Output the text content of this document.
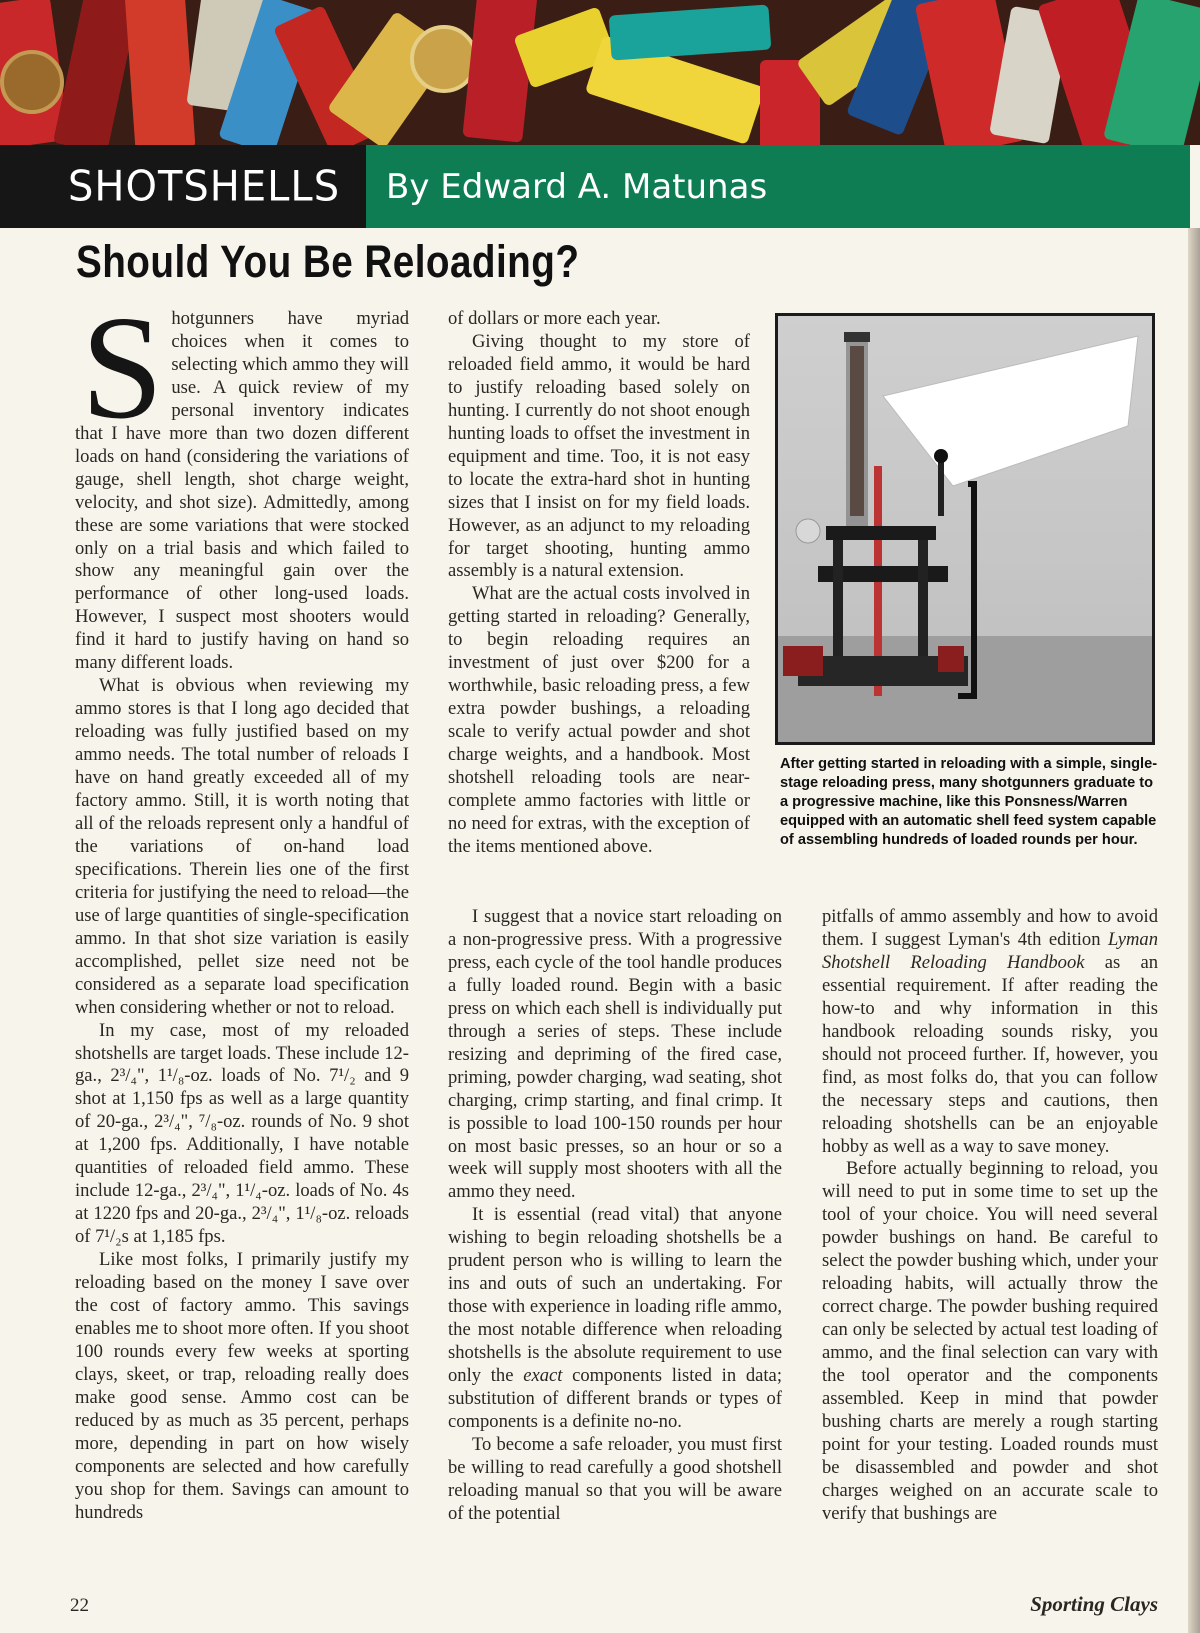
SHOTSHELLS By Edward A. Matunas
Should You Be Reloading?

Shotgunners have myriad choices when it comes to selecting which ammo they will use. A quick review of my personal inventory indicates that I have more than two dozen different loads on hand (considering the variations of gauge, shell length, shot charge weight, velocity, and shot size). Admittedly, among these are some variations that were stocked only on a trial basis and which failed to show any meaningful gain over the performance of other long-used loads. However, I suspect most shooters would find it hard to justify having on hand so many different loads.

What is obvious when reviewing my ammo stores is that I long ago decided that reloading was fully justified based on my ammo needs. The total number of reloads I have on hand greatly exceeded all of my factory ammo. Still, it is worth noting that all of the reloads represent only a handful of the variations of on-hand load specifications. Therein lies one of the first criteria for justifying the need to reload—the use of large quantities of single-specification ammo. In that shot size variation is easily accomplished, pellet size need not be considered as a separate load specification when considering whether or not to reload.

In my case, most of my reloaded shotshells are target loads. These include 12-ga., 2³/₄", 1¹/₈-oz. loads of No. 7¹/₂ and 9 shot at 1,150 fps as well as a large quantity of 20-ga., 2³/₄", ⁷/₈-oz. rounds of No. 9 shot at 1,200 fps. Additionally, I have notable quantities of reloaded field ammo. These include 12-ga., 2³/₄", 1¹/₄-oz. loads of No. 4s at 1220 fps and 20-ga., 2³/₄", 1¹/₈-oz. reloads of 7¹/₂s at 1,185 fps.

Like most folks, I primarily justify my reloading based on the money I save over the cost of factory ammo. This savings enables me to shoot more often. If you shoot 100 rounds every few weeks at sporting clays, skeet, or trap, reloading really does make good sense. Ammo cost can be reduced by as much as 35 percent, perhaps more, depending in part on how wisely components are selected and how carefully you shop for them. Savings can amount to hundreds

of dollars or more each year.

Giving thought to my store of reloaded field ammo, it would be hard to justify reloading based solely on hunting. I currently do not shoot enough hunting loads to offset the investment in equipment and time. Too, it is not easy to locate the extra-hard shot in hunting sizes that I insist on for my field loads. However, as an adjunct to my reloading for target shooting, hunting ammo assembly is a natural extension.

What are the actual costs involved in getting started in reloading? Generally, to begin reloading requires an investment of just over $200 for a worthwhile, basic reloading press, a few extra powder bushings, a reloading scale to verify actual powder and shot charge weights, and a handbook. Most shotshell reloading tools are near-complete ammo factories with little or no need for extras, with the exception of the items mentioned above.

After getting started in reloading with a simple, single-stage reloading press, many shotgunners graduate to a progressive machine, like this Ponsness/Warren equipped with an automatic shell feed system capable of assembling hundreds of loaded rounds per hour.

I suggest that a novice start reloading on a non-progressive press. With a progressive press, each cycle of the tool handle produces a fully loaded round. Begin with a basic press on which each shell is individually put through a series of steps. These include resizing and depriming of the fired case, priming, powder charging, wad seating, shot charging, crimp starting, and final crimp. It is possible to load 100-150 rounds per hour on most basic presses, so an hour or so a week will supply most shooters with all the ammo they need.

It is essential (read vital) that anyone wishing to begin reloading shotshells be a prudent person who is willing to learn the ins and outs of such an undertaking. For those with experience in loading rifle ammo, the most notable difference when reloading shotshells is the absolute requirement to use only the exact components listed in data; substitution of different brands or types of components is a definite no-no.

To become a safe reloader, you must first be willing to read carefully a good shotshell reloading manual so that you will be aware of the potential

pitfalls of ammo assembly and how to avoid them. I suggest Lyman's 4th edition Lyman Shotshell Reloading Handbook as an essential requirement. If after reading the how-to and why information in this handbook reloading sounds risky, you should not proceed further. If, however, you find, as most folks do, that you can follow the necessary steps and cautions, then reloading shotshells can be an enjoyable hobby as well as a way to save money.

Before actually beginning to reload, you will need to put in some time to set up the tool of your choice. You will need several powder bushings on hand. Be careful to select the powder bushing which, under your reloading habits, will actually throw the correct charge. The powder bushing required can only be selected by actual test loading of ammo, and the final selection can vary with the tool operator and the components assembled. Keep in mind that powder bushing charts are merely a rough starting point for your testing. Loaded rounds must be disassembled and powder and shot charges weighed on an accurate scale to verify that bushings are

22	Sporting Clays
